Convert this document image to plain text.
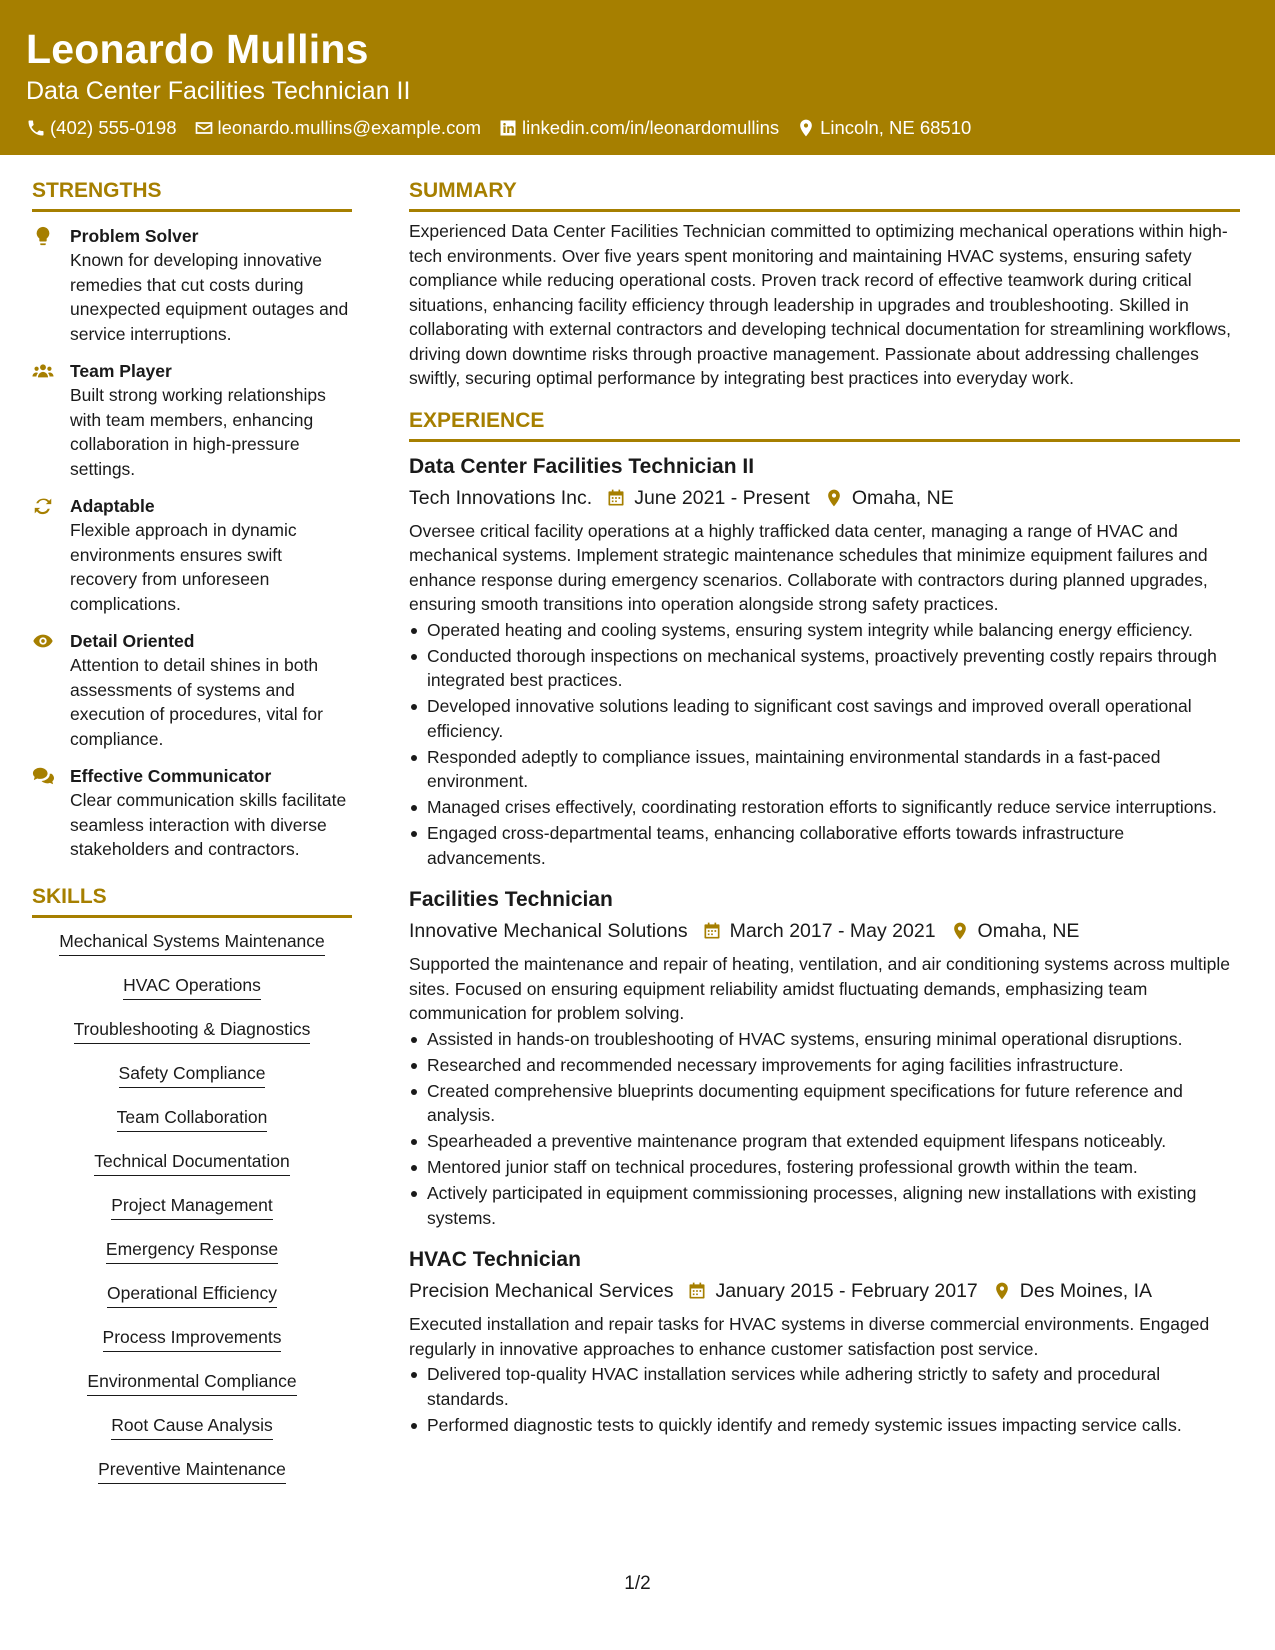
Leonardo Mullins
Data Center Facilities Technician II
(402) 555-0198 leonardo.mullins@example.com linkedin.com/in/leonardomullins Lincoln, NE 68510
STRENGTHS
Problem Solver
Known for developing innovative remedies that cut costs during unexpected equipment outages and service interruptions.
Team Player
Built strong working relationships with team members, enhancing collaboration in high-pressure settings.
Adaptable
Flexible approach in dynamic environments ensures swift recovery from unforeseen complications.
Detail Oriented
Attention to detail shines in both assessments of systems and execution of procedures, vital for compliance.
Effective Communicator
Clear communication skills facilitate seamless interaction with diverse stakeholders and contractors.
SKILLS
Mechanical Systems Maintenance
HVAC Operations
Troubleshooting & Diagnostics
Safety Compliance
Team Collaboration
Technical Documentation
Project Management
Emergency Response
Operational Efficiency
Process Improvements
Environmental Compliance
Root Cause Analysis
Preventive Maintenance
SUMMARY
Experienced Data Center Facilities Technician committed to optimizing mechanical operations within high-tech environments. Over five years spent monitoring and maintaining HVAC systems, ensuring safety compliance while reducing operational costs. Proven track record of effective teamwork during critical situations, enhancing facility efficiency through leadership in upgrades and troubleshooting. Skilled in collaborating with external contractors and developing technical documentation for streamlining workflows, driving down downtime risks through proactive management. Passionate about addressing challenges swiftly, securing optimal performance by integrating best practices into everyday work.
EXPERIENCE
Data Center Facilities Technician II
Tech Innovations Inc. June 2021 - Present Omaha, NE
Oversee critical facility operations at a highly trafficked data center, managing a range of HVAC and mechanical systems. Implement strategic maintenance schedules that minimize equipment failures and enhance response during emergency scenarios. Collaborate with contractors during planned upgrades, ensuring smooth transitions into operation alongside strong safety practices.
Operated heating and cooling systems, ensuring system integrity while balancing energy efficiency.
Conducted thorough inspections on mechanical systems, proactively preventing costly repairs through integrated best practices.
Developed innovative solutions leading to significant cost savings and improved overall operational efficiency.
Responded adeptly to compliance issues, maintaining environmental standards in a fast-paced environment.
Managed crises effectively, coordinating restoration efforts to significantly reduce service interruptions.
Engaged cross-departmental teams, enhancing collaborative efforts towards infrastructure advancements.
Facilities Technician
Innovative Mechanical Solutions March 2017 - May 2021 Omaha, NE
Supported the maintenance and repair of heating, ventilation, and air conditioning systems across multiple sites. Focused on ensuring equipment reliability amidst fluctuating demands, emphasizing team communication for problem solving.
Assisted in hands-on troubleshooting of HVAC systems, ensuring minimal operational disruptions.
Researched and recommended necessary improvements for aging facilities infrastructure.
Created comprehensive blueprints documenting equipment specifications for future reference and analysis.
Spearheaded a preventive maintenance program that extended equipment lifespans noticeably.
Mentored junior staff on technical procedures, fostering professional growth within the team.
Actively participated in equipment commissioning processes, aligning new installations with existing systems.
HVAC Technician
Precision Mechanical Services January 2015 - February 2017 Des Moines, IA
Executed installation and repair tasks for HVAC systems in diverse commercial environments. Engaged regularly in innovative approaches to enhance customer satisfaction post service.
Delivered top-quality HVAC installation services while adhering strictly to safety and procedural standards.
Performed diagnostic tests to quickly identify and remedy systemic issues impacting service calls.
1/2
